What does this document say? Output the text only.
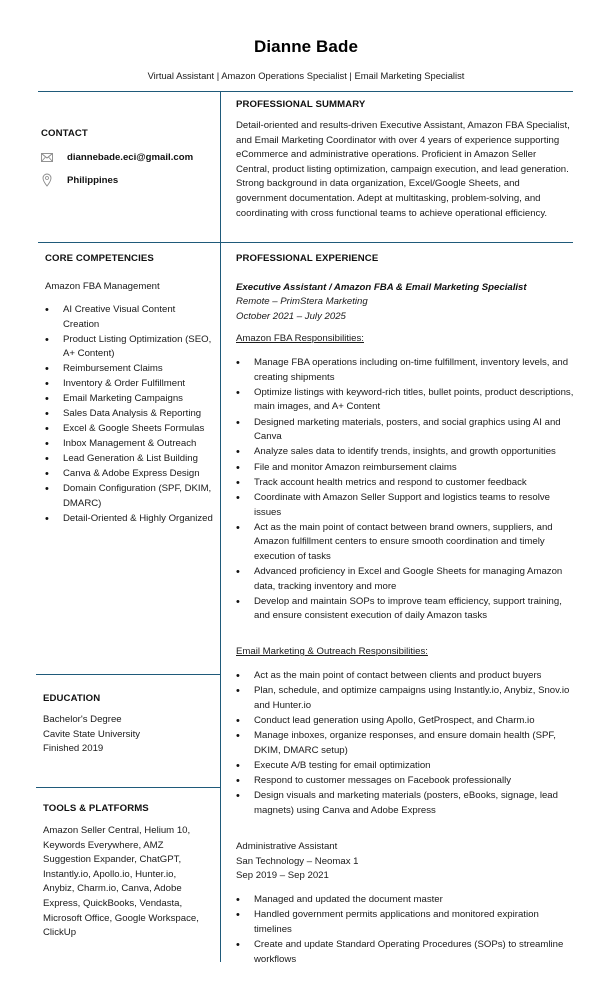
Dianne Bade
Virtual Assistant | Amazon Operations Specialist | Email Marketing Specialist
CONTACT
diannebade.eci@gmail.com
Philippines
CORE COMPETENCIES
Amazon FBA Management
• AI Creative Visual Content Creation
• Product Listing Optimization (SEO, A+ Content)
• Reimbursement Claims
• Inventory & Order Fulfillment
• Email Marketing Campaigns
• Sales Data Analysis & Reporting
• Excel & Google Sheets Formulas
• Inbox Management & Outreach
• Lead Generation & List Building
• Canva & Adobe Express Design
• Domain Configuration (SPF, DKIM, DMARC)
• Detail-Oriented & Highly Organized
EDUCATION
Bachelor's Degree
Cavite State University
Finished 2019
TOOLS & PLATFORMS
Amazon Seller Central, Helium 10, Keywords Everywhere, AMZ Suggestion Expander, ChatGPT, Instantly.io, Apollo.io, Hunter.io, Anybiz, Charm.io, Canva, Adobe Express, QuickBooks, Vendasta, Microsoft Office, Google Workspace, ClickUp
PROFESSIONAL SUMMARY
Detail-oriented and results-driven Executive Assistant, Amazon FBA Specialist, and Email Marketing Coordinator with over 4 years of experience supporting eCommerce and administrative operations. Proficient in Amazon Seller Central, product listing optimization, campaign execution, and lead generation. Strong background in data organization, Excel/Google Sheets, and government documentation. Adept at multitasking, problem-solving, and coordinating with cross functional teams to achieve operational efficiency.
PROFESSIONAL EXPERIENCE
Executive Assistant / Amazon FBA & Email Marketing Specialist
Remote – PrimStera Marketing
October 2021 – July 2025
Amazon FBA Responsibilities:
• Manage FBA operations including on-time fulfillment, inventory levels, and creating shipments
• Optimize listings with keyword-rich titles, bullet points, product descriptions, main images, and A+ Content
• Designed marketing materials, posters, and social graphics using AI and Canva
• Analyze sales data to identify trends, insights, and growth opportunities
• File and monitor Amazon reimbursement claims
• Track account health metrics and respond to customer feedback
• Coordinate with Amazon Seller Support and logistics teams to resolve issues
• Act as the main point of contact between brand owners, suppliers, and Amazon fulfillment centers to ensure smooth coordination and timely execution of tasks
• Advanced proficiency in Excel and Google Sheets for managing Amazon data, tracking inventory and more
• Develop and maintain SOPs to improve team efficiency, support training, and ensure consistent execution of daily Amazon tasks
Email Marketing & Outreach Responsibilities:
• Act as the main point of contact between clients and product buyers
• Plan, schedule, and optimize campaigns using Instantly.io, Anybiz, Snov.io and Hunter.io
• Conduct lead generation using Apollo, GetProspect, and Charm.io
• Manage inboxes, organize responses, and ensure domain health (SPF, DKIM, DMARC setup)
• Execute A/B testing for email optimization
• Respond to customer messages on Facebook professionally
• Design visuals and marketing materials (posters, eBooks, signage, lead magnets) using Canva and Adobe Express
Administrative Assistant
San Technology – Neomax 1
Sep 2019 – Sep 2021
• Managed and updated the document master
• Handled government permits applications and monitored expiration timelines
• Create and update Standard Operating Procedures (SOPs) to streamline workflows
